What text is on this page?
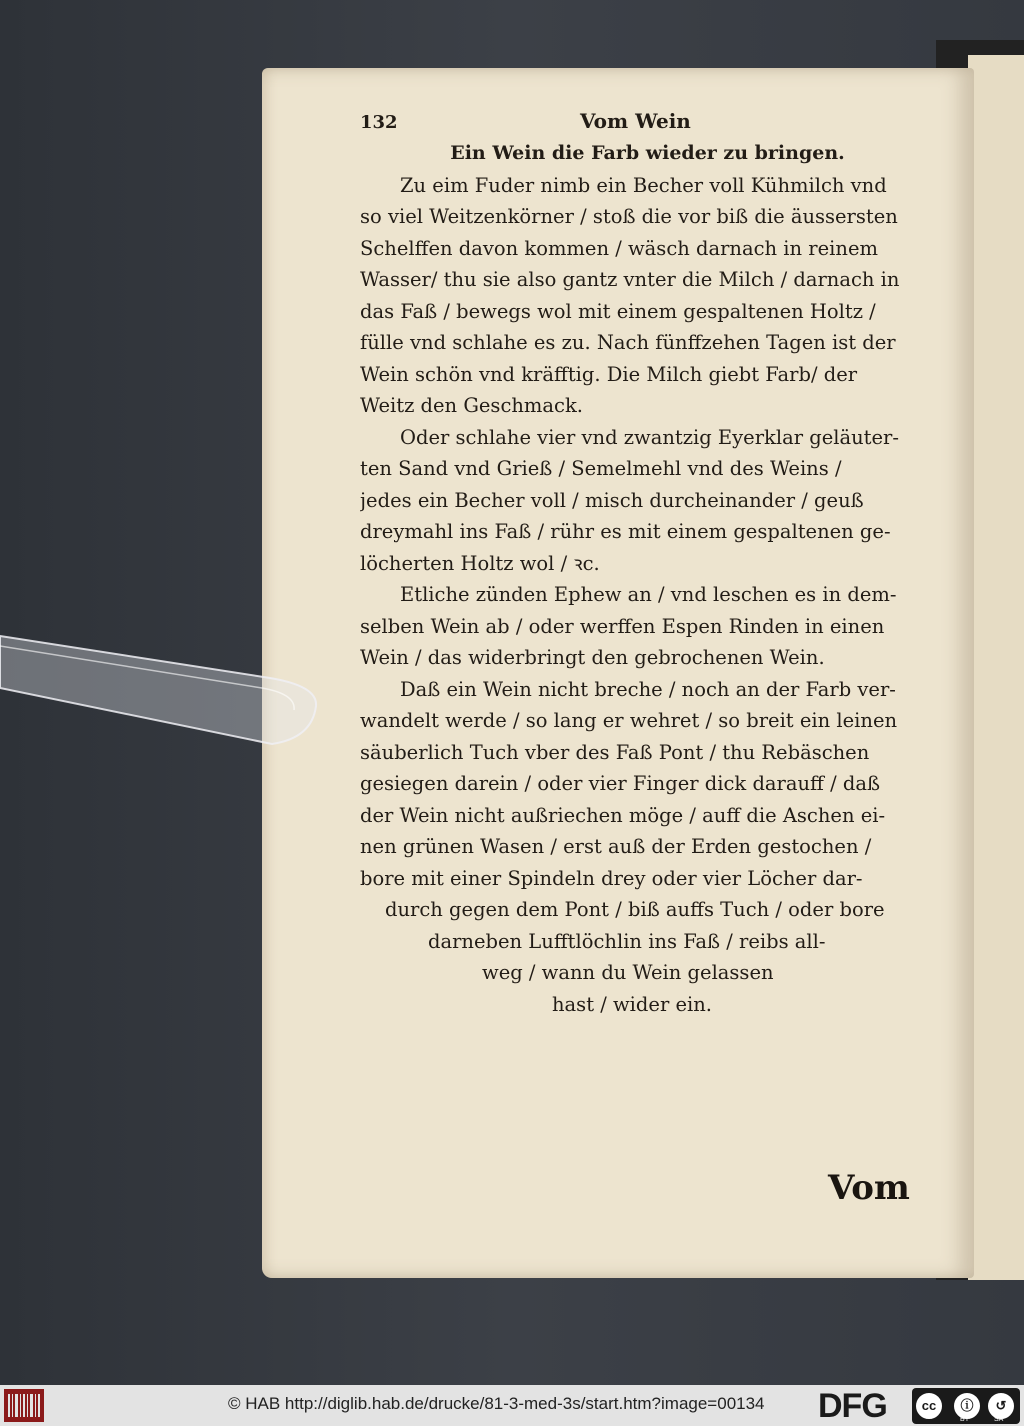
132	Vom Wein
Ein Wein die Farb wieder zu bringen.
Zu eim Fuder nimb ein Becher voll Kühmilch vnd
so viel Weitzenkörner / stoß die vor biß die äussersten
Schelffen davon kommen / wäsch darnach in reinem
Wasser/ thu sie also gantz vnter die Milch / darnach in
das Faß / bewegs wol mit einem gespaltenen Holtz /
fülle vnd schlahe es zu. Nach fünffzehen Tagen ist der
Wein schön vnd kräfftig. Die Milch giebt Farb/ der
Weitz den Geschmack.
Oder schlahe vier vnd zwantzig Eyerklar geläuter-
ten Sand vnd Grieß / Semelmehl vnd des Weins /
jedes ein Becher voll / misch durcheinander / geuß
dreymahl ins Faß / rühr es mit einem gespaltenen ge-
löcherten Holtz wol / ꝛc.
Etliche zünden Ephew an / vnd leschen es in dem-
selben Wein ab / oder werffen Espen Rinden in einen
Wein / das widerbringt den gebrochenen Wein.
Daß ein Wein nicht breche / noch an der Farb ver-
wandelt werde / so lang er wehret / so breit ein leinen
säuberlich Tuch vber des Faß Pont / thu Rebäschen
gesiegen darein / oder vier Finger dick darauff / daß
der Wein nicht außriechen möge / auff die Aschen ei-
nen grünen Wasen / erst auß der Erden gestochen /
bore mit einer Spindeln drey oder vier Löcher dar-
durch gegen dem Pont / biß auffs Tuch / oder bore
darneben Lufftlöchlin ins Faß / reibs all-
weg / wann du Wein gelassen
hast / wider ein.
Vom
© HAB http://diglib.hab.de/drucke/81-3-med-3s/start.htm?image=00134 DFG	cc	ⓘ	↺
BY	SA
